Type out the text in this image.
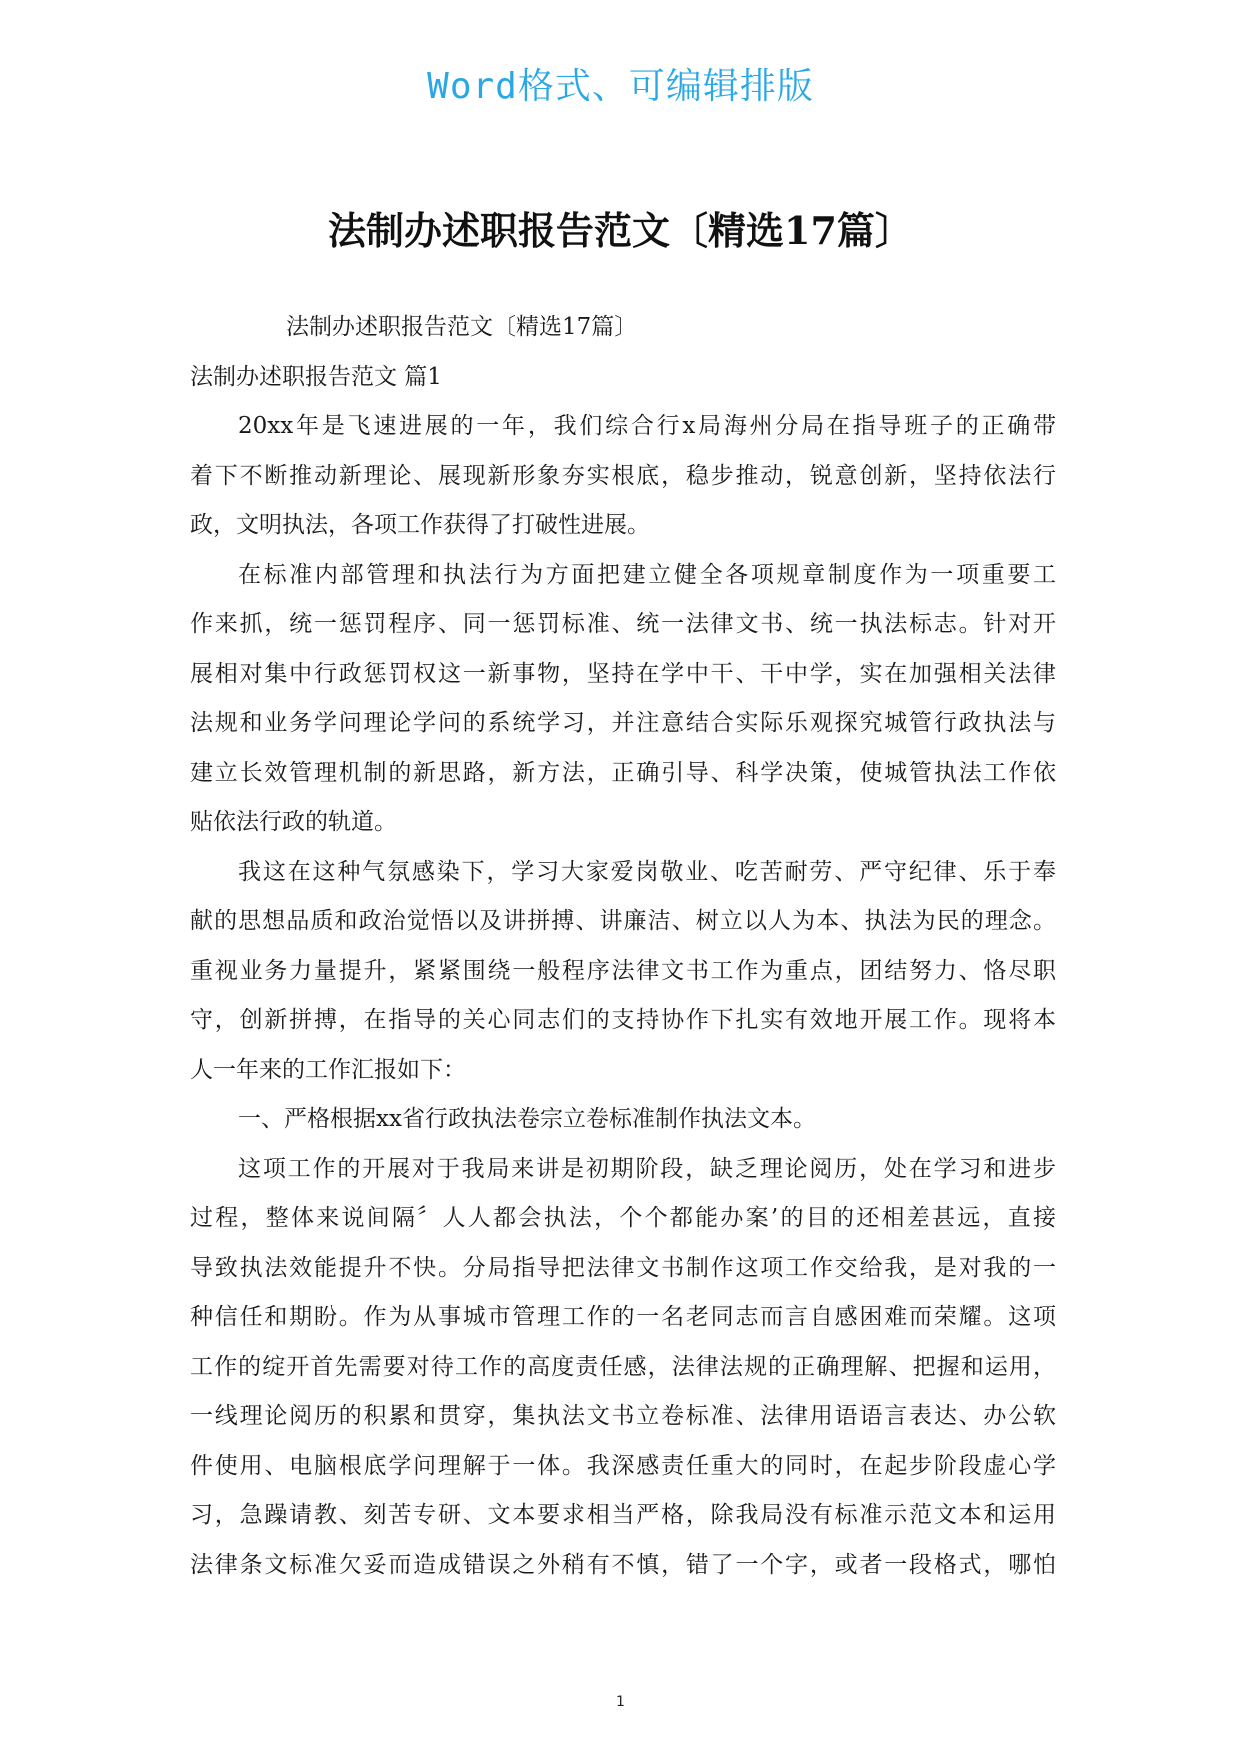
Word格式、可编辑排版
法制办述职报告范文〔精选17篇〕
法制办述职报告范文〔精选17篇〕
法制办述职报告范文 篇1
20xx年是飞速进展的一年，我们综合行x局海州分局在指导班子的正确带
着下不断推动新理论、展现新形象夯实根底，稳步推动，锐意创新，坚持依法行
政，文明执法，各项工作获得了打破性进展。
在标准内部管理和执法行为方面把建立健全各项规章制度作为一项重要工
作来抓，统一惩罚程序、同一惩罚标准、统一法律文书、统一执法标志。针对开
展相对集中行政惩罚权这一新事物，坚持在学中干、干中学，实在加强相关法律
法规和业务学问理论学问的系统学习，并注意结合实际乐观探究城管行政执法与
建立长效管理机制的新思路，新方法，正确引导、科学决策，使城管执法工作依
贴依法行政的轨道。
我这在这种气氛感染下，学习大家爱岗敬业、吃苦耐劳、严守纪律、乐于奉
献的思想品质和政治觉悟以及讲拼搏、讲廉洁、树立以人为本、执法为民的理念。
重视业务力量提升，紧紧围绕一般程序法律文书工作为重点，团结努力、恪尽职
守，创新拼搏，在指导的关心同志们的支持协作下扎实有效地开展工作。现将本
人一年来的工作汇报如下：
一、严格根据xx省行政执法卷宗立卷标准制作执法文本。
这项工作的开展对于我局来讲是初期阶段，缺乏理论阅历，处在学习和进步
过程，整体来说间隔〞人人都会执法，个个都能办案’的目的还相差甚远，直接
导致执法效能提升不快。分局指导把法律文书制作这项工作交给我，是对我的一
种信任和期盼。作为从事城市管理工作的一名老同志而言自感困难而荣耀。这项
工作的绽开首先需要对待工作的高度责任感，法律法规的正确理解、把握和运用，
一线理论阅历的积累和贯穿，集执法文书立卷标准、法律用语语言表达、办公软
件使用、电脑根底学问理解于一体。我深感责任重大的同时，在起步阶段虚心学
习，急躁请教、刻苦专研、文本要求相当严格，除我局没有标准示范文本和运用
法律条文标准欠妥而造成错误之外稍有不慎，错了一个字，或者一段格式，哪怕
1
